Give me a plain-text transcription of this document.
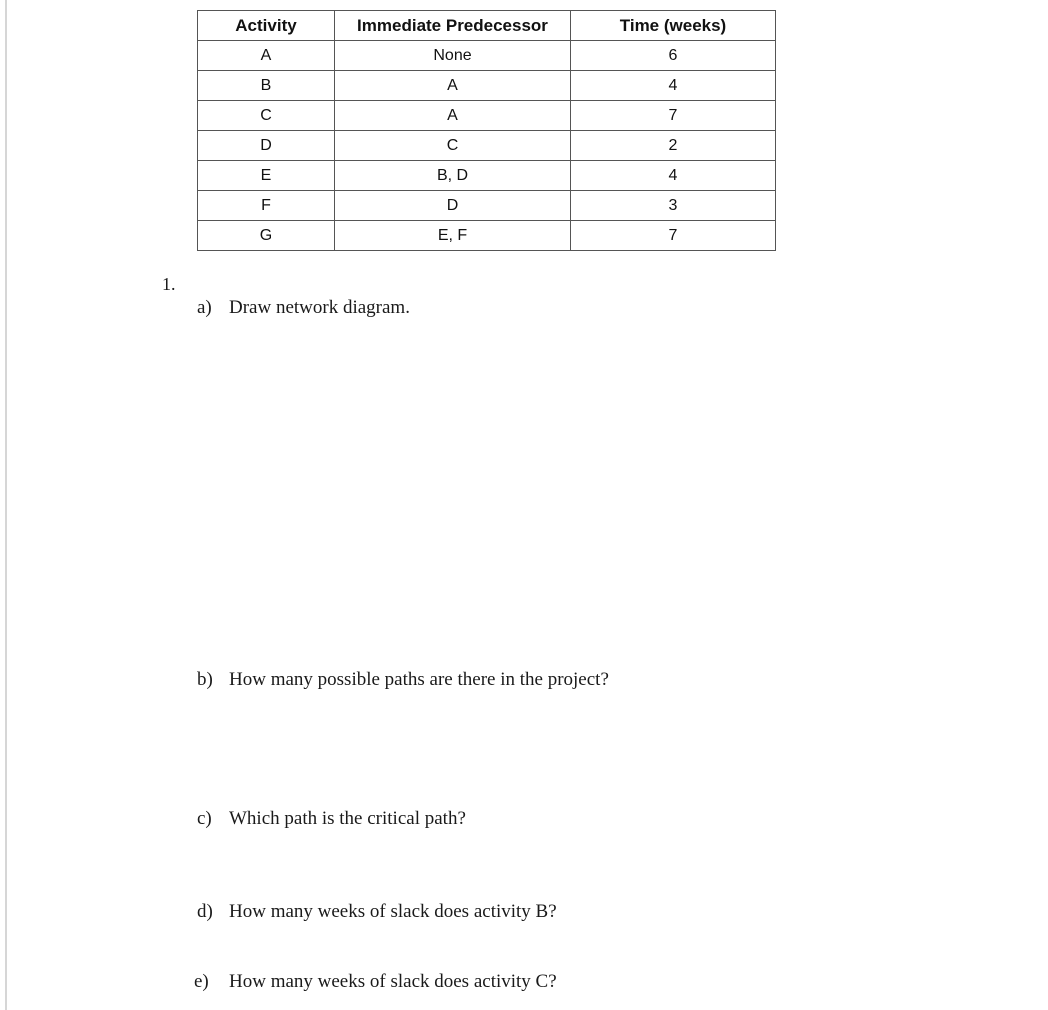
Activity	Immediate Predecessor	Time (weeks)
A	None	6
B	A	4
C	A	7
D	C	2
E	B, D	4
F	D	3
G	E, F	7
1.
a) Draw network diagram.
b) How many possible paths are there in the project?
c) Which path is the critical path?
d) How many weeks of slack does activity B?
e) How many weeks of slack does activity C?
